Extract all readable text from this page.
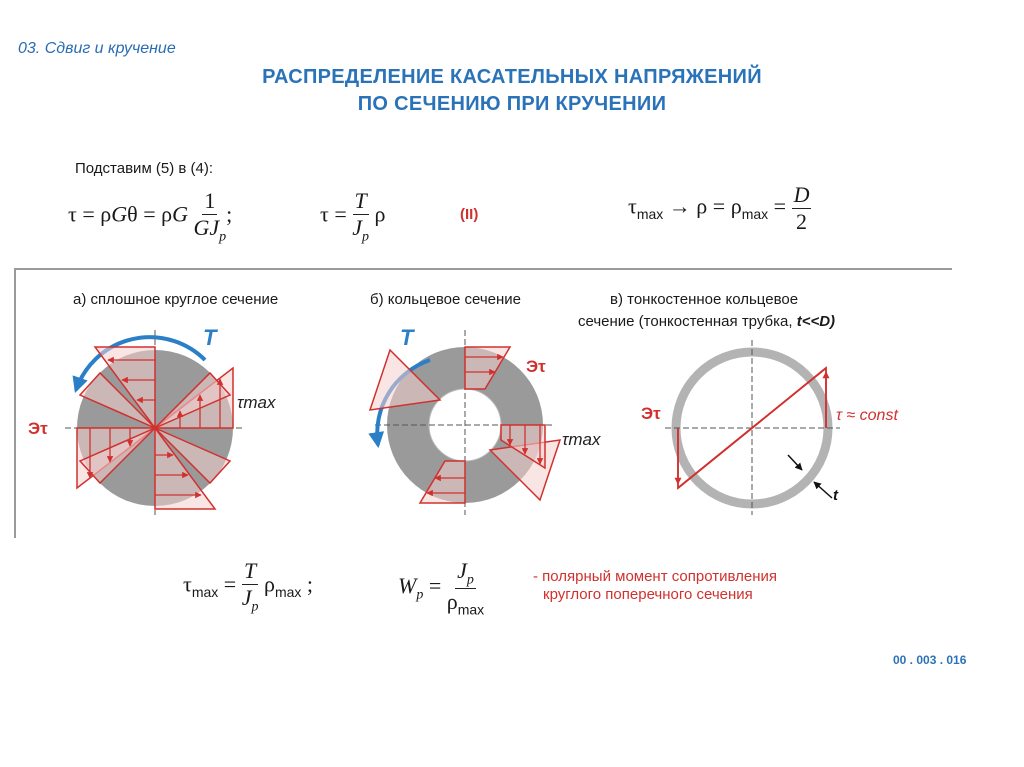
03. Сдвиг и кручение
РАСПРЕДЕЛЕНИЕ КАСАТЕЛЬНЫХ НАПРЯЖЕНИЙ
ПО СЕЧЕНИЮ ПРИ КРУЧЕНИИ
Подставим (5) в (4):
τ = ρGθ = ρG $\frac{1}{GJ_p}$ ;	$\tau = \frac{T}{J_p}$ ρ	(II)	$\tau_{max} \to \rho = \rho_{max} = \frac{D}{2}$
а) сплошное круглое сечение	б) кольцевое сечение	в) тонкостенное кольцевое
сечение (тонкостенная трубка, t<<D)
T
Эτ
τmax
T
Эτ
τmax
Эτ	τ ≈ const
t
$\tau_{max} = \frac{T}{J_p} \rho_{max}$ ;	$W_p = \frac{J_p}{\rho_{max}}$	- полярный момент сопротивления
круглого поперечного сечения
00 . 003 . 016
